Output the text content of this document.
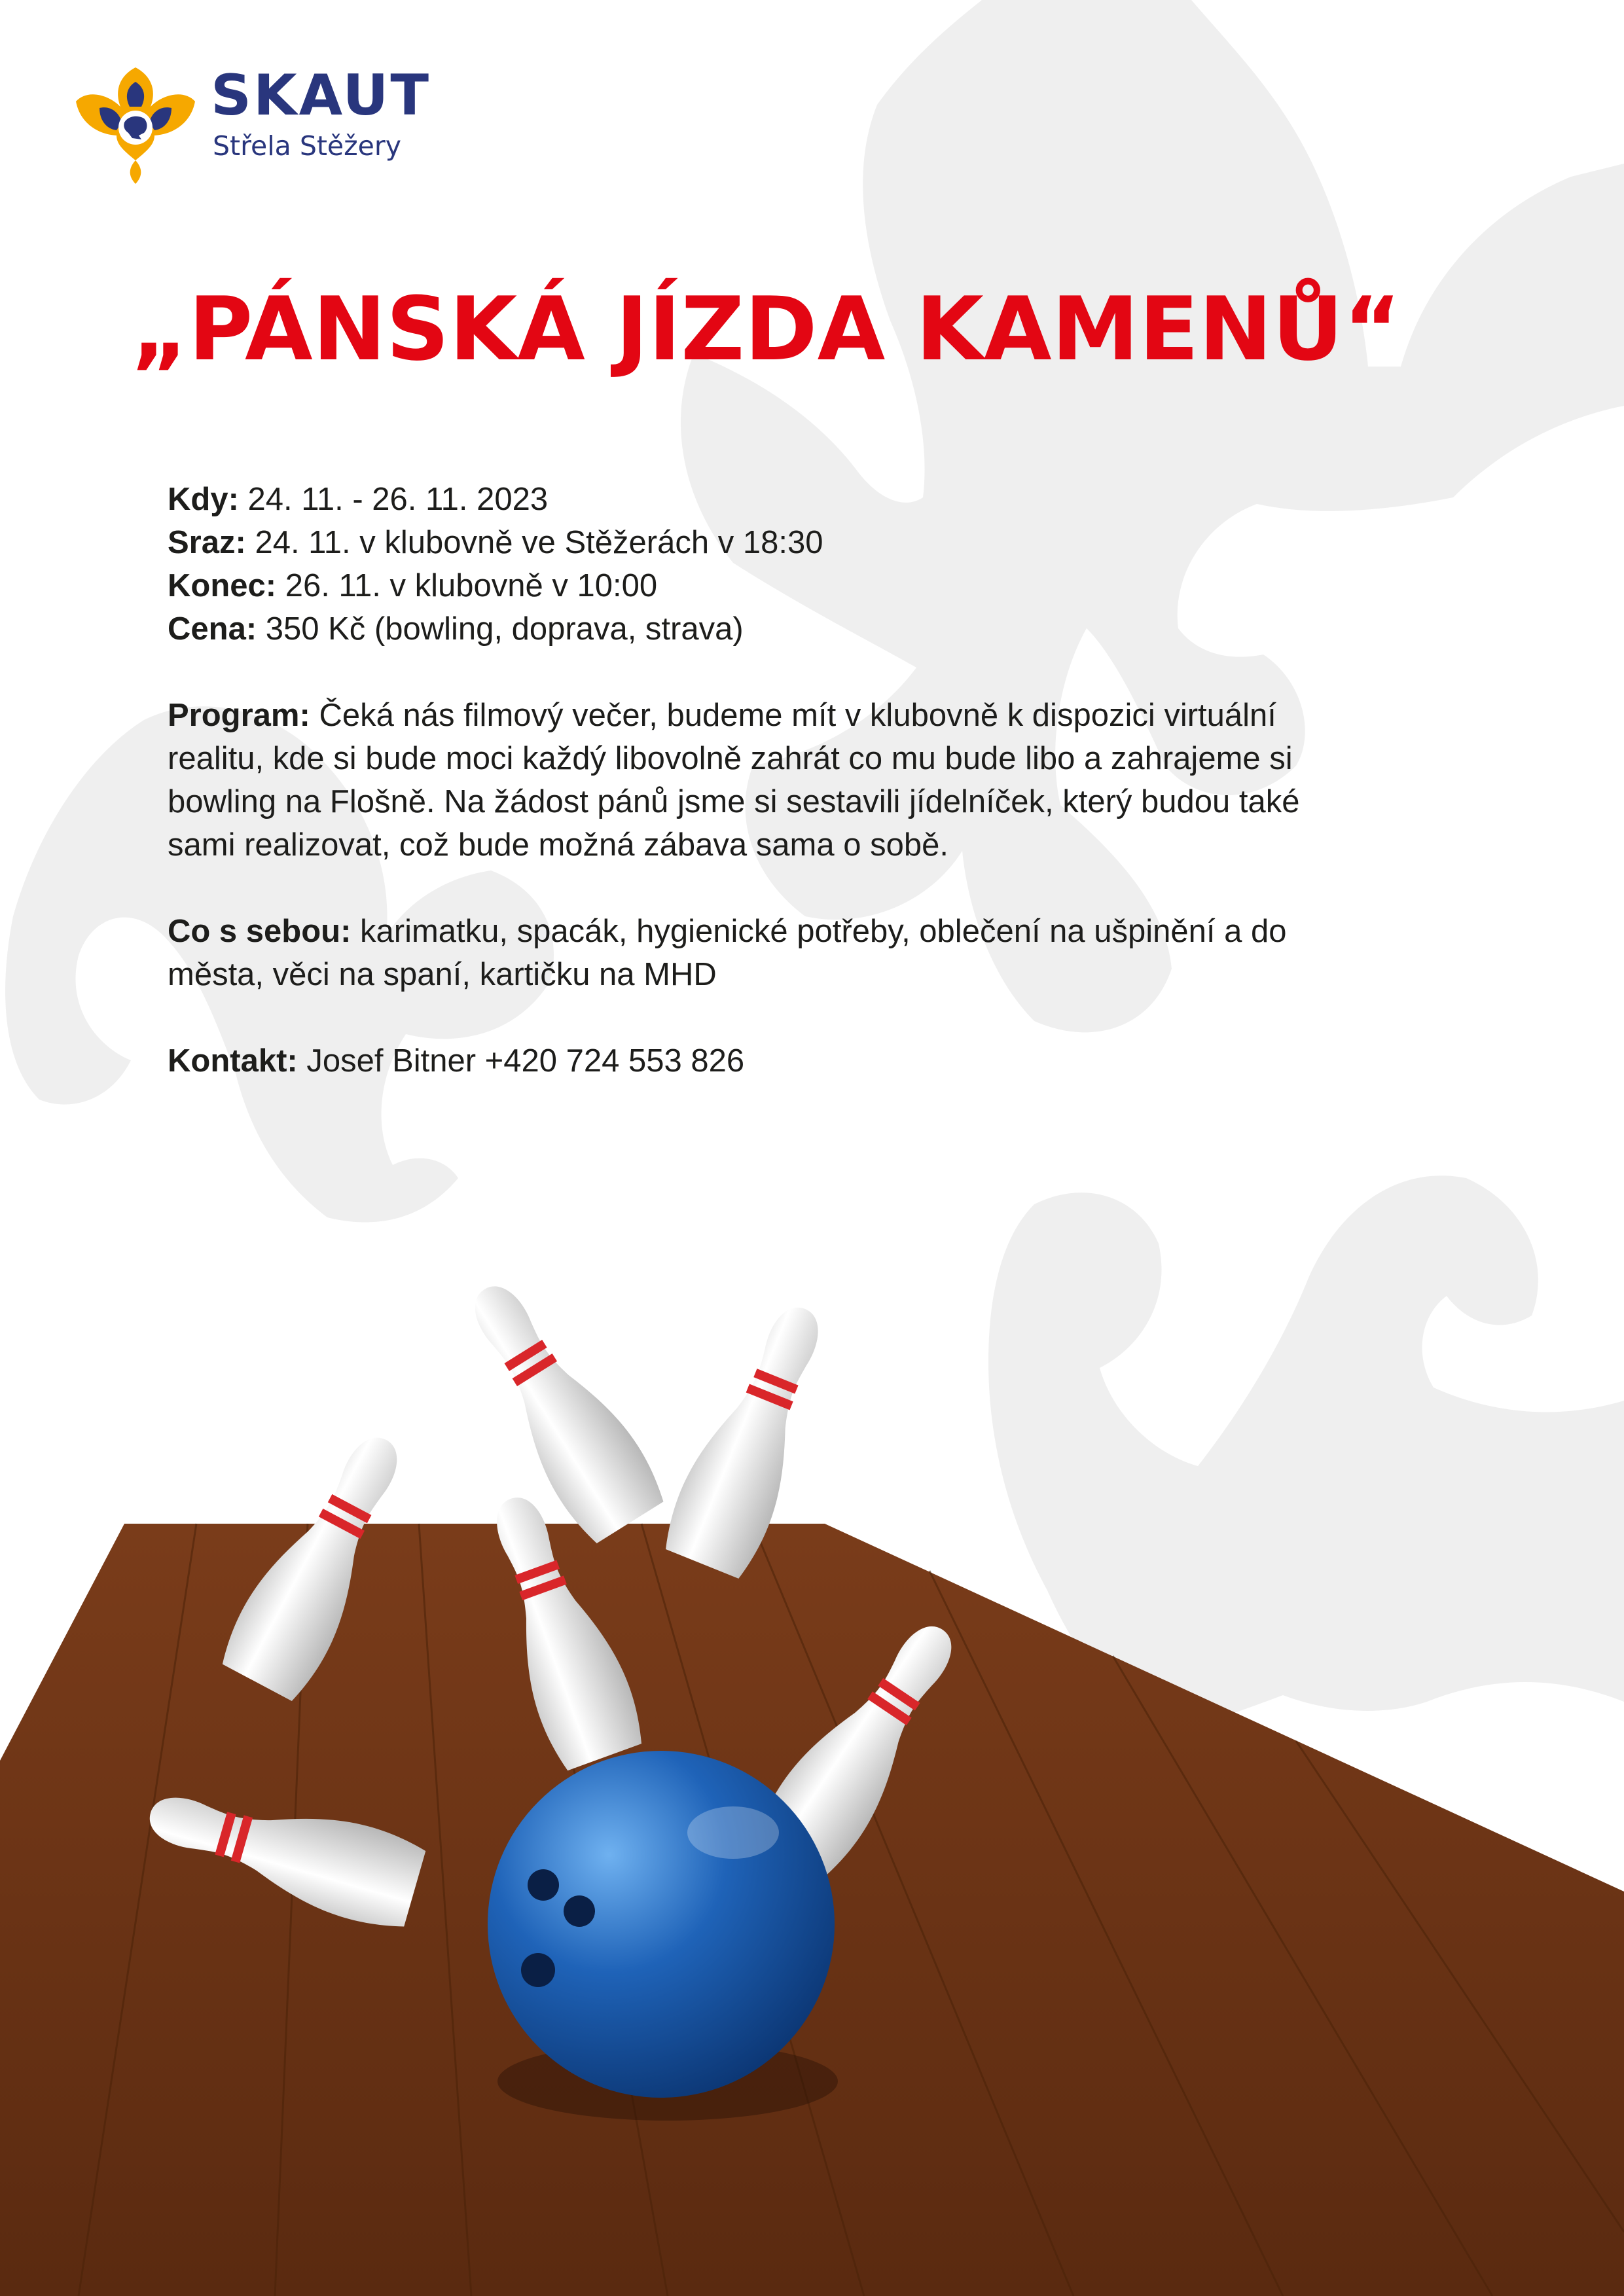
SKAUT
Střela Stěžery
„PÁNSKÁ JÍZDA KAMENŮ“

Kdy: 24. 11. - 26. 11. 2023

Sraz: 24. 11. v klubovně ve Stěžerách v 18:30

Konec: 26. 11. v klubovně v 10:00

Cena: 350 Kč (bowling, doprava, strava)

Program: Čeká nás filmový večer, budeme mít v klubovně k dispozici virtuální

realitu, kde si bude moci každý libovolně zahrát co mu bude libo a zahrajeme si

bowling na Flošně. Na žádost pánů jsme si sestavili jídelníček, který budou také

sami realizovat, což bude možná zábava sama o sobě.

Co s sebou: karimatku, spacák, hygienické potřeby, oblečení na ušpinění a do

města, věci na spaní, kartičku na MHD

Kontakt: Josef Bitner +420 724 553 826
